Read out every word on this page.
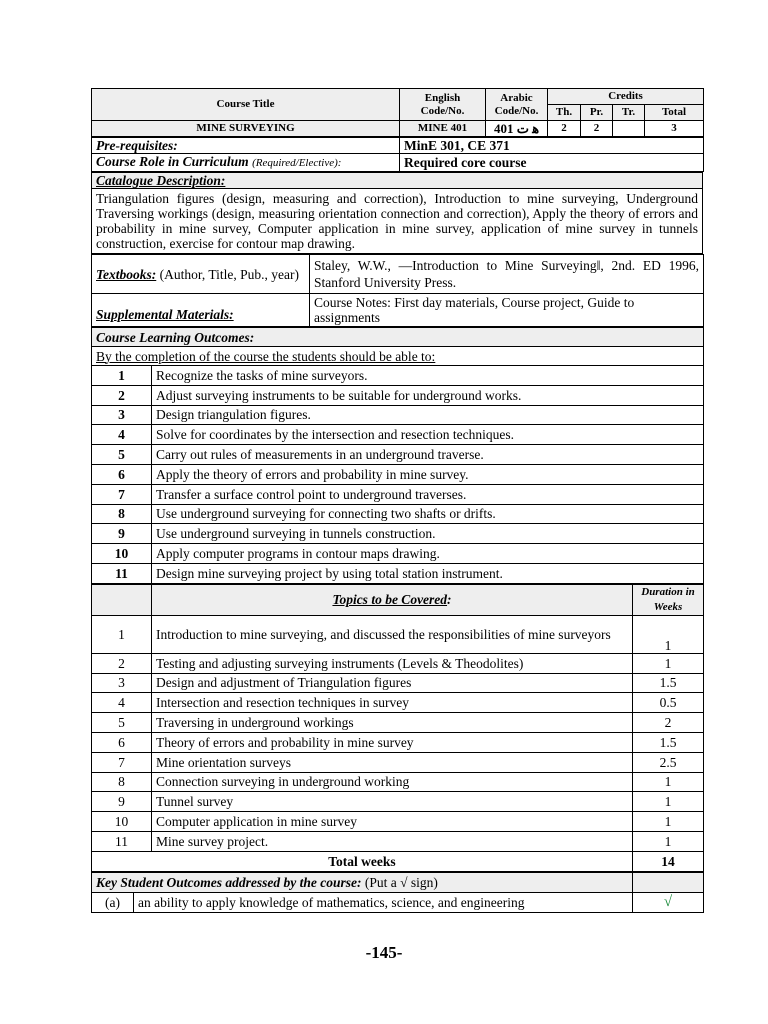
Course Title	English Code/No.	Arabic Code/No.	Credits			
			Th.	Pr.	Tr.	Total
MINE SURVEYING	MINE 401	401 ﻫ ﺕ	2	2		3
Pre-requisites:	MinE 301, CE 371
Course Role in Curriculum (Required/Elective):	Required core course
Catalogue Description:
Triangulation figures (design, measuring and correction), Introduction to mine surveying, Underground Traversing workings (design, measuring orientation connection and correction), Apply the theory of errors and probability in mine survey, Computer application in mine survey, application of mine survey in tunnels construction, exercise for contour map drawing.
Textbooks: (Author, Title, Pub., year)	Staley, W.W., ―Introduction to Mine Surveying‖, 2nd. ED 1996, Stanford University Press.
Supplemental Materials:	Course Notes: First day materials, Course project, Guide to assignments
Course Learning Outcomes:	
By the completion of the course the students should be able to:	
1	Recognize the tasks of mine surveyors.
2	Adjust surveying instruments to be suitable for underground works.
3	Design triangulation figures.
4	Solve for coordinates by the intersection and resection techniques.
5	Carry out rules of measurements in an underground traverse.
6	Apply the theory of errors and probability in mine survey.
7	Transfer a surface control point to underground traverses.
8	Use underground surveying for connecting two shafts or drifts.
9	Use underground surveying in tunnels construction.
10	Apply computer programs in contour maps drawing.
11	Design mine surveying project by using total station instrument.
	Topics to be Covered:	Duration in Weeks
1	Introduction to mine surveying, and discussed the responsibilities of mine surveyors	1
2	Testing and adjusting surveying instruments (Levels & Theodolites)	1
3	Design and adjustment of Triangulation figures	1.5
4	Intersection and resection techniques in survey	0.5
5	Traversing in underground workings	2
6	Theory of errors and probability in mine survey	1.5
7	Mine orientation surveys	2.5
8	Connection surveying in underground working	1
9	Tunnel survey	1
10	Computer application in mine survey	1
11	Mine survey project.	1
Total weeks		14
Key Student Outcomes addressed by the course: (Put a √ sign)		
(a)	an ability to apply knowledge of mathematics, science, and engineering	√
-145-
